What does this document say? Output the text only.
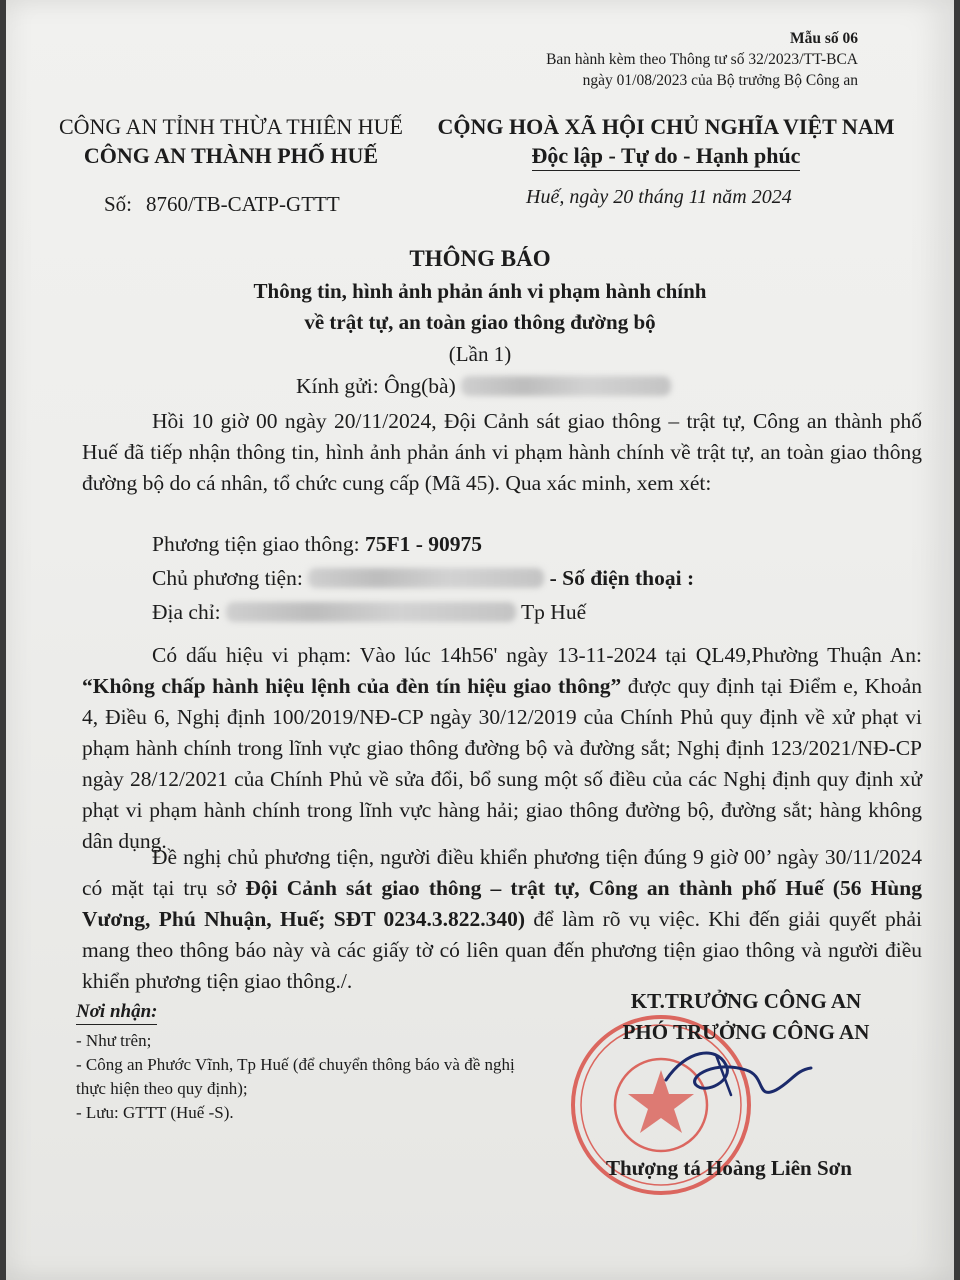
Mẫu số 06
Ban hành kèm theo Thông tư số 32/2023/TT-BCA
ngày 01/08/2023 của Bộ trưởng Bộ Công an
CÔNG AN TỈNH THỪA THIÊN HUẾ
CÔNG AN THÀNH PHỐ HUẾ
CỘNG HOÀ XÃ HỘI CHỦ NGHĨA VIỆT NAM
Độc lập - Tự do - Hạnh phúc
Số: 8760/TB-CATP-GTTT	Huế, ngày 20 tháng 11 năm 2024
THÔNG BÁO
Thông tin, hình ảnh phản ánh vi phạm hành chính
về trật tự, an toàn giao thông đường bộ
(Lần 1)
Kính gửi: Ông(bà)
Hồi 10 giờ 00 ngày 20/11/2024, Đội Cảnh sát giao thông – trật tự, Công an thành phố Huế đã tiếp nhận thông tin, hình ảnh phản ánh vi phạm hành chính về trật tự, an toàn giao thông đường bộ do cá nhân, tổ chức cung cấp (Mã 45). Qua xác minh, xem xét:
Phương tiện giao thông: 75F1 - 90975
Chủ phương tiện:	- Số điện thoại :
Địa chỉ:	Tp Huế
Có dấu hiệu vi phạm: Vào lúc 14h56' ngày 13-11-2024 tại QL49,Phường Thuận An: “Không chấp hành hiệu lệnh của đèn tín hiệu giao thông” được quy định tại Điểm e, Khoản 4, Điều 6, Nghị định 100/2019/NĐ-CP ngày 30/12/2019 của Chính Phủ quy định về xử phạt vi phạm hành chính trong lĩnh vực giao thông đường bộ và đường sắt; Nghị định 123/2021/NĐ-CP ngày 28/12/2021 của Chính Phủ về sửa đổi, bổ sung một số điều của các Nghị định quy định xử phạt vi phạm hành chính trong lĩnh vực hàng hải; giao thông đường bộ, đường sắt; hàng không dân dụng.
Đề nghị chủ phương tiện, người điều khiển phương tiện đúng 9 giờ 00’ ngày 30/11/2024 có mặt tại trụ sở Đội Cảnh sát giao thông – trật tự, Công an thành phố Huế (56 Hùng Vương, Phú Nhuận, Huế; SĐT 0234.3.822.340) để làm rõ vụ việc. Khi đến giải quyết phải mang theo thông báo này và các giấy tờ có liên quan đến phương tiện giao thông và người điều khiển phương tiện giao thông./.
Nơi nhận:
- Như trên;
- Công an Phước Vĩnh, Tp Huế (để chuyển thông báo và đề nghị thực hiện theo quy định);
- Lưu: GTTT (Huế -S).
KT.TRƯỞNG CÔNG AN
PHÓ TRƯỞNG CÔNG AN
Thượng tá Hoàng Liên Sơn
